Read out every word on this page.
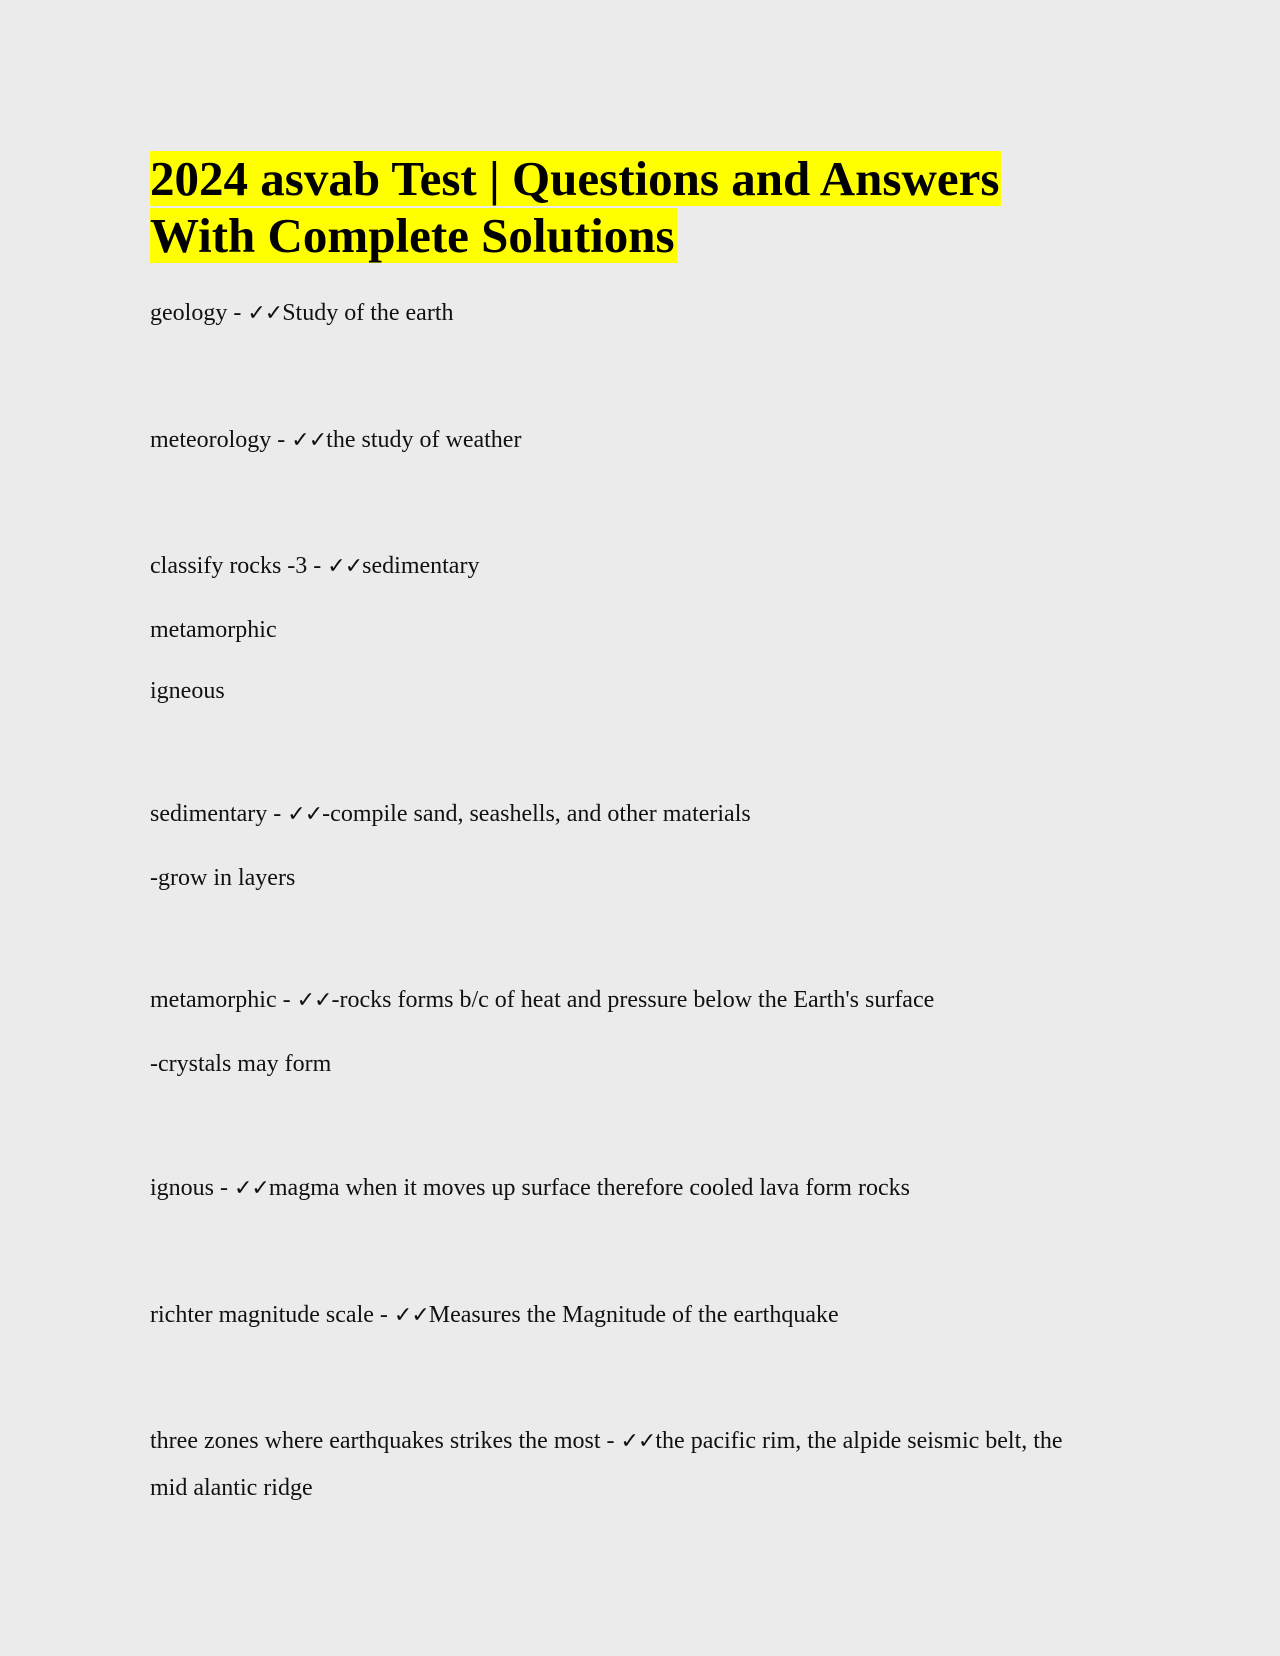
2024 asvab Test | Questions and Answers
With Complete Solutions

geology - ✓✓Study of the earth

meteorology - ✓✓the study of weather

classify rocks -3 - ✓✓sedimentary

metamorphic

igneous

sedimentary - ✓✓-compile sand, seashells, and other materials

-grow in layers

metamorphic - ✓✓-rocks forms b/c of heat and pressure below the Earth's surface

-crystals may form

ignous - ✓✓magma when it moves up surface therefore cooled lava form rocks

richter magnitude scale - ✓✓Measures the Magnitude of the earthquake

three zones where earthquakes strikes the most - ✓✓the pacific rim, the alpide seismic belt, the

mid alantic ridge
